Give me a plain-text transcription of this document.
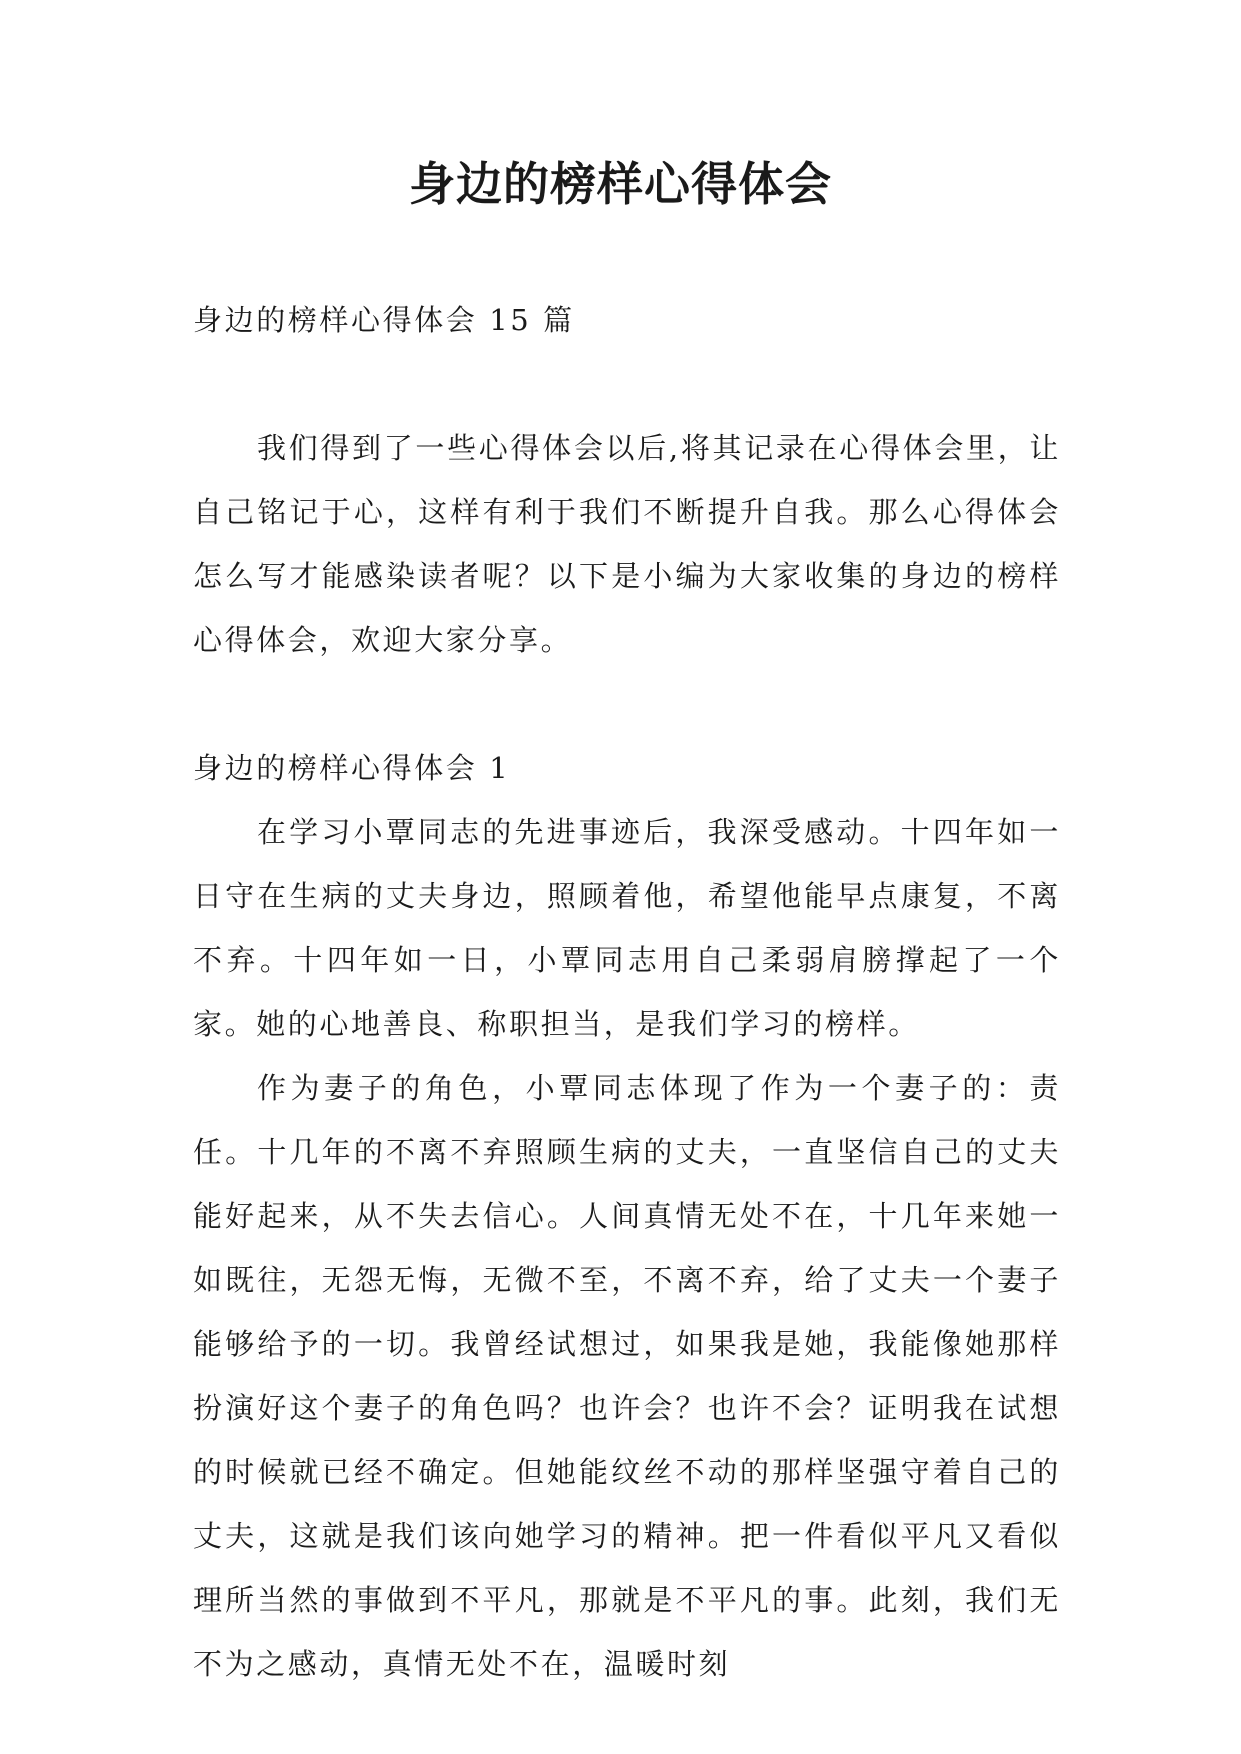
身边的榜样心得体会

身边的榜样心得体会 15 篇

我们得到了一些心得体会以后,将其记录在心得体会里，让自己铭记于心，这样有利于我们不断提升自我。那么心得体会怎么写才能感染读者呢？以下是小编为大家收集的身边的榜样心得体会，欢迎大家分享。

身边的榜样心得体会 1

在学习小覃同志的先进事迹后，我深受感动。十四年如一日守在生病的丈夫身边，照顾着他，希望他能早点康复，不离不弃。十四年如一日，小覃同志用自己柔弱肩膀撑起了一个家。她的心地善良、称职担当，是我们学习的榜样。

作为妻子的角色，小覃同志体现了作为一个妻子的：责任。十几年的不离不弃照顾生病的丈夫，一直坚信自己的丈夫能好起来，从不失去信心。人间真情无处不在，十几年来她一如既往，无怨无悔，无微不至，不离不弃，给了丈夫一个妻子能够给予的一切。我曾经试想过，如果我是她，我能像她那样扮演好这个妻子的角色吗？也许会？也许不会？证明我在试想的时候就已经不确定。但她能纹丝不动的那样坚强守着自己的丈夫，这就是我们该向她学习的精神。把一件看似平凡又看似理所当然的事做到不平凡，那就是不平凡的事。此刻，我们无不为之感动，真情无处不在，温暖时刻
